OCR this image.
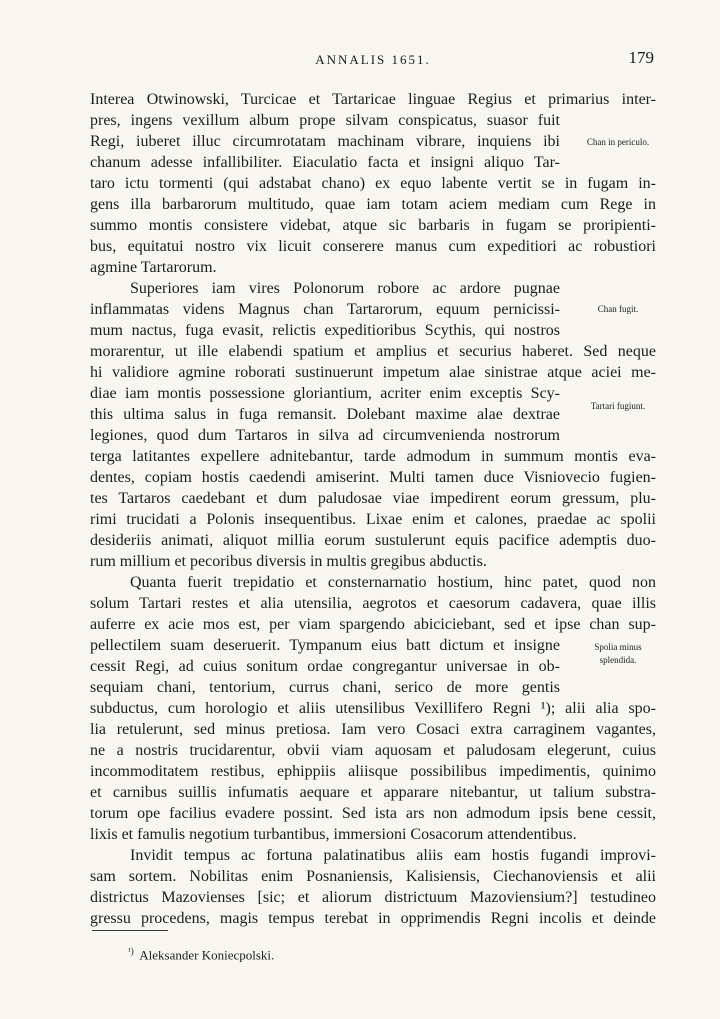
ANNALIS 1651.	179
Interea Otwinowski, Turcicae et Tartaricae linguae Regius et primarius inter-
pres, ingens vexillum album prope silvam conspicatus, suasor fuit
Regi, iuberet illuc circumrotatam machinam vibrare, inquiens ibi
chanum adesse infallibiliter. Eiaculatio facta et insigni aliquo Tar-
taro ictu tormenti (qui adstabat chano) ex equo labente vertit se in fugam in-
gens illa barbarorum multitudo, quae iam totam aciem mediam cum Rege in
summo montis consistere videbat, atque sic barbaris in fugam se proripienti-
bus, equitatui nostro vix licuit conserere manus cum expeditiori ac robustiori
agmine Tartarorum.
Superiores iam vires Polonorum robore ac ardore pugnae
inflammatas videns Magnus chan Tartarorum, equum pernicissi-
mum nactus, fuga evasit, relictis expeditioribus Scythis, qui nostros
morarentur, ut ille elabendi spatium et amplius et securius haberet. Sed neque
hi validiore agmine roborati sustinuerunt impetum alae sinistrae atque aciei me-
diae iam montis possessione gloriantium, acriter enim exceptis Scy-
this ultima salus in fuga remansit. Dolebant maxime alae dextrae
legiones, quod dum Tartaros in silva ad circumveniendа nostrorum
terga latitantes expellere adnitebantur, tarde admodum in summum montis eva-
dentes, copiam hostis caedendi amiserint. Multi tamen duce Visniovecio fugien-
tes Tartaros caedebant et dum paludosae viae impedirent eorum gressum, plu-
rimi trucidati a Polonis insequentibus. Lixae enim et calones, praedae ac spolii
desideriis animati, aliquot millia eorum sustulerunt equis pacifice ademptis duo-
rum millium et pecoribus diversis in multis gregibus abductis.
Quanta fuerit trepidatio et consternarnatio hostium, hinc patet, quod non
solum Tartari restes et alia utensilia, aegrotos et caesorum cadavera, quae illis
auferre ex acie mos est, per viam spargendo abiciciebant, sed et ipse chan sup-
pellectilem suam deseruerit. Tympanum eius batt dictum et insigne
cessit Regi, ad cuius sonitum ordae congregantur universae in ob-
sequiam chani, tentorium, currus chani, serico de more gentis
subductus, cum horologio et aliis utensilibus Vexillifero Regni ¹); alii alia spo-
lia retulerunt, sed minus pretiosa. Iam vero Cosaci extra carraginem vagantes,
ne a nostris trucidarentur, obvii viam aquosam et paludosam elegerunt, cuius
incommoditatem restibus, ephippiis aliisque possibilibus impedimentis, quinimo
et carnibus suillis infumatis aequare et apparare nitebantur, ut talium substra-
torum ope facilius evadere possint. Sed ista ars non admodum ipsis bene cessit,
lixis et famulis negotium turbantibus, immersioni Cosacorum attendentibus.
Invidit tempus ac fortuna palatinatibus aliis eam hostis fugandi improvi-
sam sortem. Nobilitas enim Posnaniensis, Kalisiensis, Ciechanoviensis et alii
districtus Mazovienses [sic; et aliorum districtuum Mazoviensium?] testudineo
gressu procedens, magis tempus terebat in opprimendis Regni incolis et deinde
Chan in periculo.
Chan fugit.
Tartari fugiunt.
Spolia minus
splendida.
$^{^1)}$ Aleksander Koniecpolski.
